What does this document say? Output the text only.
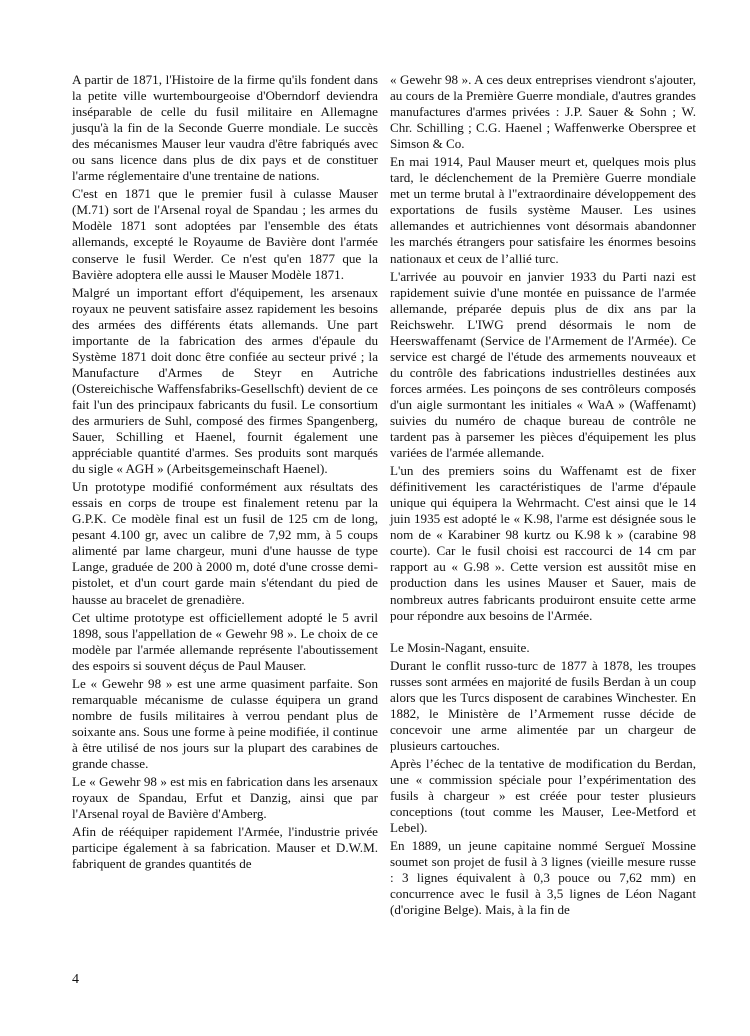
A partir de 1871, l'Histoire de la firme qu'ils fondent dans la petite ville wurtembourgeoise d'Oberndorf deviendra inséparable de celle du fusil militaire en Allemagne jusqu'à la fin de la Seconde Guerre mondiale. Le succès des mécanismes Mauser leur vaudra d'être fabriqués avec ou sans licence dans plus de dix pays et de constituer l'arme réglementaire d'une trentaine de nations.

C'est en 1871 que le premier fusil à culasse Mauser (M.71) sort de l'Arsenal royal de Spandau ; les armes du Modèle 1871 sont adoptées par l'ensemble des états allemands, excepté le Royaume de Bavière dont l'armée conserve le fusil Werder. Ce n'est qu'en 1877 que la Bavière adoptera elle aussi le Mauser Modèle 1871.

Malgré un important effort d'équipement, les arsenaux royaux ne peuvent satisfaire assez rapidement les besoins des armées des différents états allemands. Une part importante de la fabrication des armes d'épaule du Système 1871 doit donc être confiée au secteur privé ; la Manufacture d'Armes de Steyr en Autriche (Ostereichische Waffensfabriks-Gesellschft) devient de ce fait l'un des principaux fabricants du fusil. Le consortium des armuriers de Suhl, composé des firmes Spangenberg, Sauer, Schilling et Haenel, fournit également une appréciable quantité d'armes. Ses produits sont marqués du sigle « AGH » (Arbeitsgemeinschaft Haenel).

Un prototype modifié conformément aux résultats des essais en corps de troupe est finalement retenu par la G.P.K. Ce modèle final est un fusil de 125 cm de long, pesant 4.100 gr, avec un calibre de 7,92 mm, à 5 coups alimenté par lame chargeur, muni d'une hausse de type Lange, graduée de 200 à 2000 m, doté d'une crosse demi-pistolet, et d'un court garde main s'étendant du pied de hausse au bracelet de grenadière.

Cet ultime prototype est officiellement adopté le 5 avril 1898, sous l'appellation de « Gewehr 98 ». Le choix de ce modèle par l'armée allemande représente l'aboutissement des espoirs si souvent déçus de Paul Mauser.

Le « Gewehr 98 » est une arme quasiment parfaite. Son remarquable mécanisme de culasse équipera un grand nombre de fusils militaires à verrou pendant plus de soixante ans. Sous une forme à peine modifiée, il continue à être utilisé de nos jours sur la plupart des carabines de grande chasse.

Le « Gewehr 98 » est mis en fabrication dans les arsenaux royaux de Spandau, Erfut et Danzig, ainsi que par l'Arsenal royal de Bavière d'Amberg.

Afin de rééquiper rapidement l'Armée, l'industrie privée participe également à sa fabrication. Mauser et D.W.M. fabriquent de grandes quantités de

« Gewehr 98 ». A ces deux entreprises viendront s'ajouter, au cours de la Première Guerre mondiale, d'autres grandes manufactures d'armes privées : J.P. Sauer & Sohn ; W. Chr. Schilling ; C.G. Haenel ; Waffenwerke Oberspree et Simson & Co.

En mai 1914, Paul Mauser meurt et, quelques mois plus tard, le déclenchement de la Première Guerre mondiale met un terme brutal à l"extraordinaire développement des exportations de fusils système Mauser. Les usines allemandes et autrichiennes vont désormais abandonner les marchés étrangers pour satisfaire les énormes besoins nationaux et ceux de l’allié turc.

L'arrivée au pouvoir en janvier 1933 du Parti nazi est rapidement suivie d'une montée en puissance de l'armée allemande, préparée depuis plus de dix ans par la Reichswehr. L'IWG prend désormais le nom de Heerswaffenamt (Service de l'Armement de l'Armée). Ce service est chargé de l'étude des armements nouveaux et du contrôle des fabrications industrielles destinées aux forces armées. Les poinçons de ses contrôleurs composés d'un aigle surmontant les initiales « WaA » (Waffenamt) suivies du numéro de chaque bureau de contrôle ne tardent pas à parsemer les pièces d'équipement les plus variées de l'armée allemande.

L'un des premiers soins du Waffenamt est de fixer définitivement les caractéristiques de l'arme d'épaule unique qui équipera la Wehrmacht. C'est ainsi que le 14 juin 1935 est adopté le « K.98, l'arme est désignée sous le nom de « Karabiner 98 kurtz ou K.98 k » (carabine 98 courte). Car le fusil choisi est raccourci de 14 cm par rapport au « G.98 ». Cette version est aussitôt mise en production dans les usines Mauser et Sauer, mais de nombreux autres fabricants produiront ensuite cette arme pour répondre aux besoins de l'Armée.

Le Mosin-Nagant, ensuite.

Durant le conflit russo-turc de 1877 à 1878, les troupes russes sont armées en majorité de fusils Berdan à un coup alors que les Turcs disposent de carabines Winchester. En 1882, le Ministère de l’Armement russe décide de concevoir une arme alimentée par un chargeur de plusieurs cartouches.

Après l’échec de la tentative de modification du Berdan, une « commission spéciale pour l’expérimentation des fusils à chargeur » est créée pour tester plusieurs conceptions (tout comme les Mauser, Lee-Metford et Lebel).

En 1889, un jeune capitaine nommé Sergueï Mossine soumet son projet de fusil à 3 lignes (vieille mesure russe : 3 lignes équivalent à 0,3 pouce ou 7,62 mm) en concurrence avec le fusil à 3,5 lignes de Léon Nagant (d'origine Belge). Mais, à la fin de

4
